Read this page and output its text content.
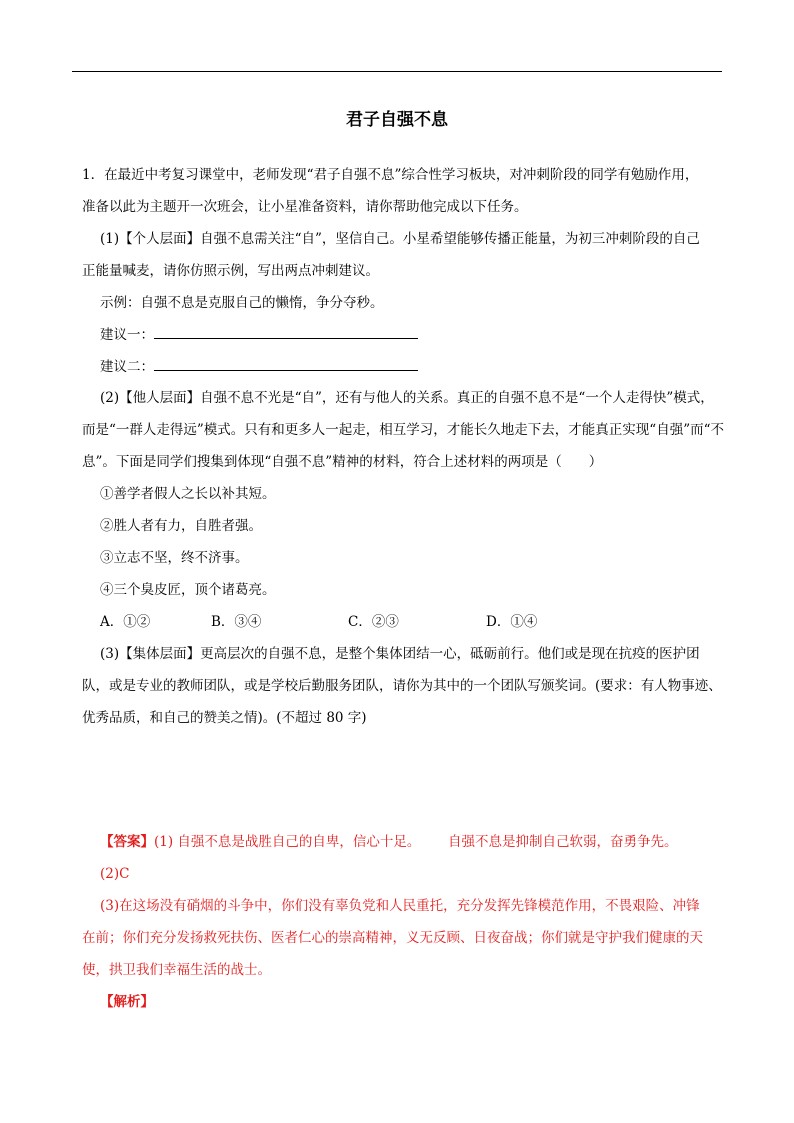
君子自强不息
1．在最近中考复习课堂中，老师发现“君子自强不息”综合性学习板块，对冲刺阶段的同学有勉励作用，
准备以此为主题开一次班会，让小星准备资料，请你帮助他完成以下任务。
(1)【个人层面】自强不息需关注“自”，坚信自己。小星希望能够传播正能量，为初三冲刺阶段的自己
正能量喊麦，请你仿照示例，写出两点冲刺建议。
示例：自强不息是克服自己的懒惰，争分夺秒。
建议一：
建议二：
(2)【他人层面】自强不息不光是“自”，还有与他人的关系。真正的自强不息不是“一个人走得快”模式，
而是“一群人走得远”模式。只有和更多人一起走，相互学习，才能长久地走下去，才能真正实现“自强”而“不
息”。下面是同学们搜集到体现“自强不息”精神的材料，符合上述材料的两项是（　　）
①善学者假人之长以补其短。
②胜人者有力，自胜者强。
③立志不坚，终不济事。
④三个臭皮匠，顶个诸葛亮。
A．①②	B．③④	C．②③	D．①④
(3)【集体层面】更高层次的自强不息，是整个集体团结一心，砥砺前行。他们或是现在抗疫的医护团
队，或是专业的教师团队，或是学校后勤服务团队，请你为其中的一个团队写颁奖词。(要求：有人物事迹、
优秀品质，和自己的赞美之情)。(不超过 80 字)
【答案】(1) 自强不息是战胜自己的自卑，信心十足。 自强不息是抑制自己软弱，奋勇争先。
(2)C
(3)在这场没有硝烟的斗争中，你们没有辜负党和人民重托，充分发挥先锋模范作用，不畏艰险、冲锋
在前；你们充分发扬救死扶伤、医者仁心的崇高精神，义无反顾、日夜奋战；你们就是守护我们健康的天
使，拱卫我们幸福生活的战士。
【解析】
